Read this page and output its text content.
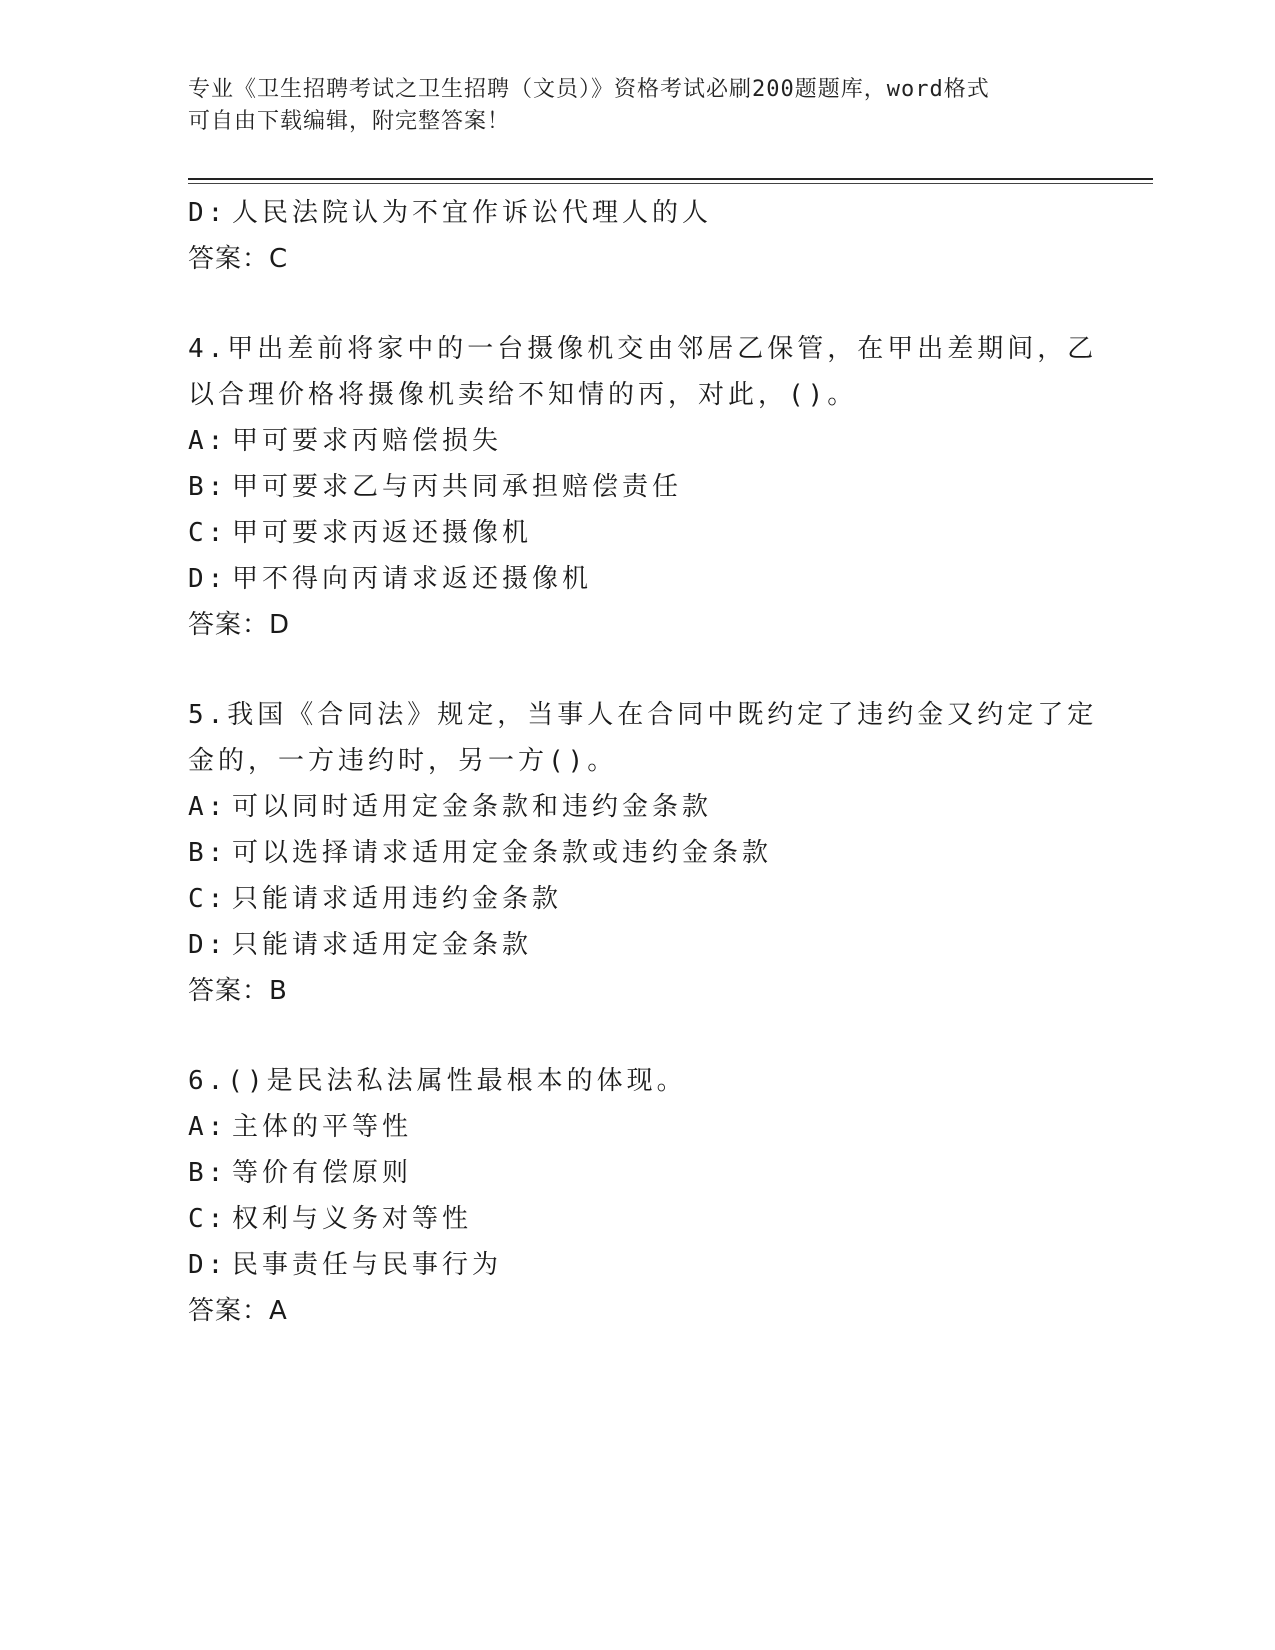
专业《卫生招聘考试之卫生招聘（文员）》资格考试必刷200题题库，word格式
可自由下载编辑，附完整答案！
D: 人民法院认为不宜作诉讼代理人的人
答案：C
4.甲出差前将家中的一台摄像机交由邻居乙保管，在甲出差期间，乙
以合理价格将摄像机卖给不知情的丙，对此，()。
A: 甲可要求丙赔偿损失
B: 甲可要求乙与丙共同承担赔偿责任
C: 甲可要求丙返还摄像机
D: 甲不得向丙请求返还摄像机
答案：D
5.我国《合同法》规定，当事人在合同中既约定了违约金又约定了定
金的，一方违约时，另一方()。
A: 可以同时适用定金条款和违约金条款
B: 可以选择请求适用定金条款或违约金条款
C: 只能请求适用违约金条款
D: 只能请求适用定金条款
答案：B
6.()是民法私法属性最根本的体现。
A: 主体的平等性
B: 等价有偿原则
C: 权利与义务对等性
D: 民事责任与民事行为
答案：A
